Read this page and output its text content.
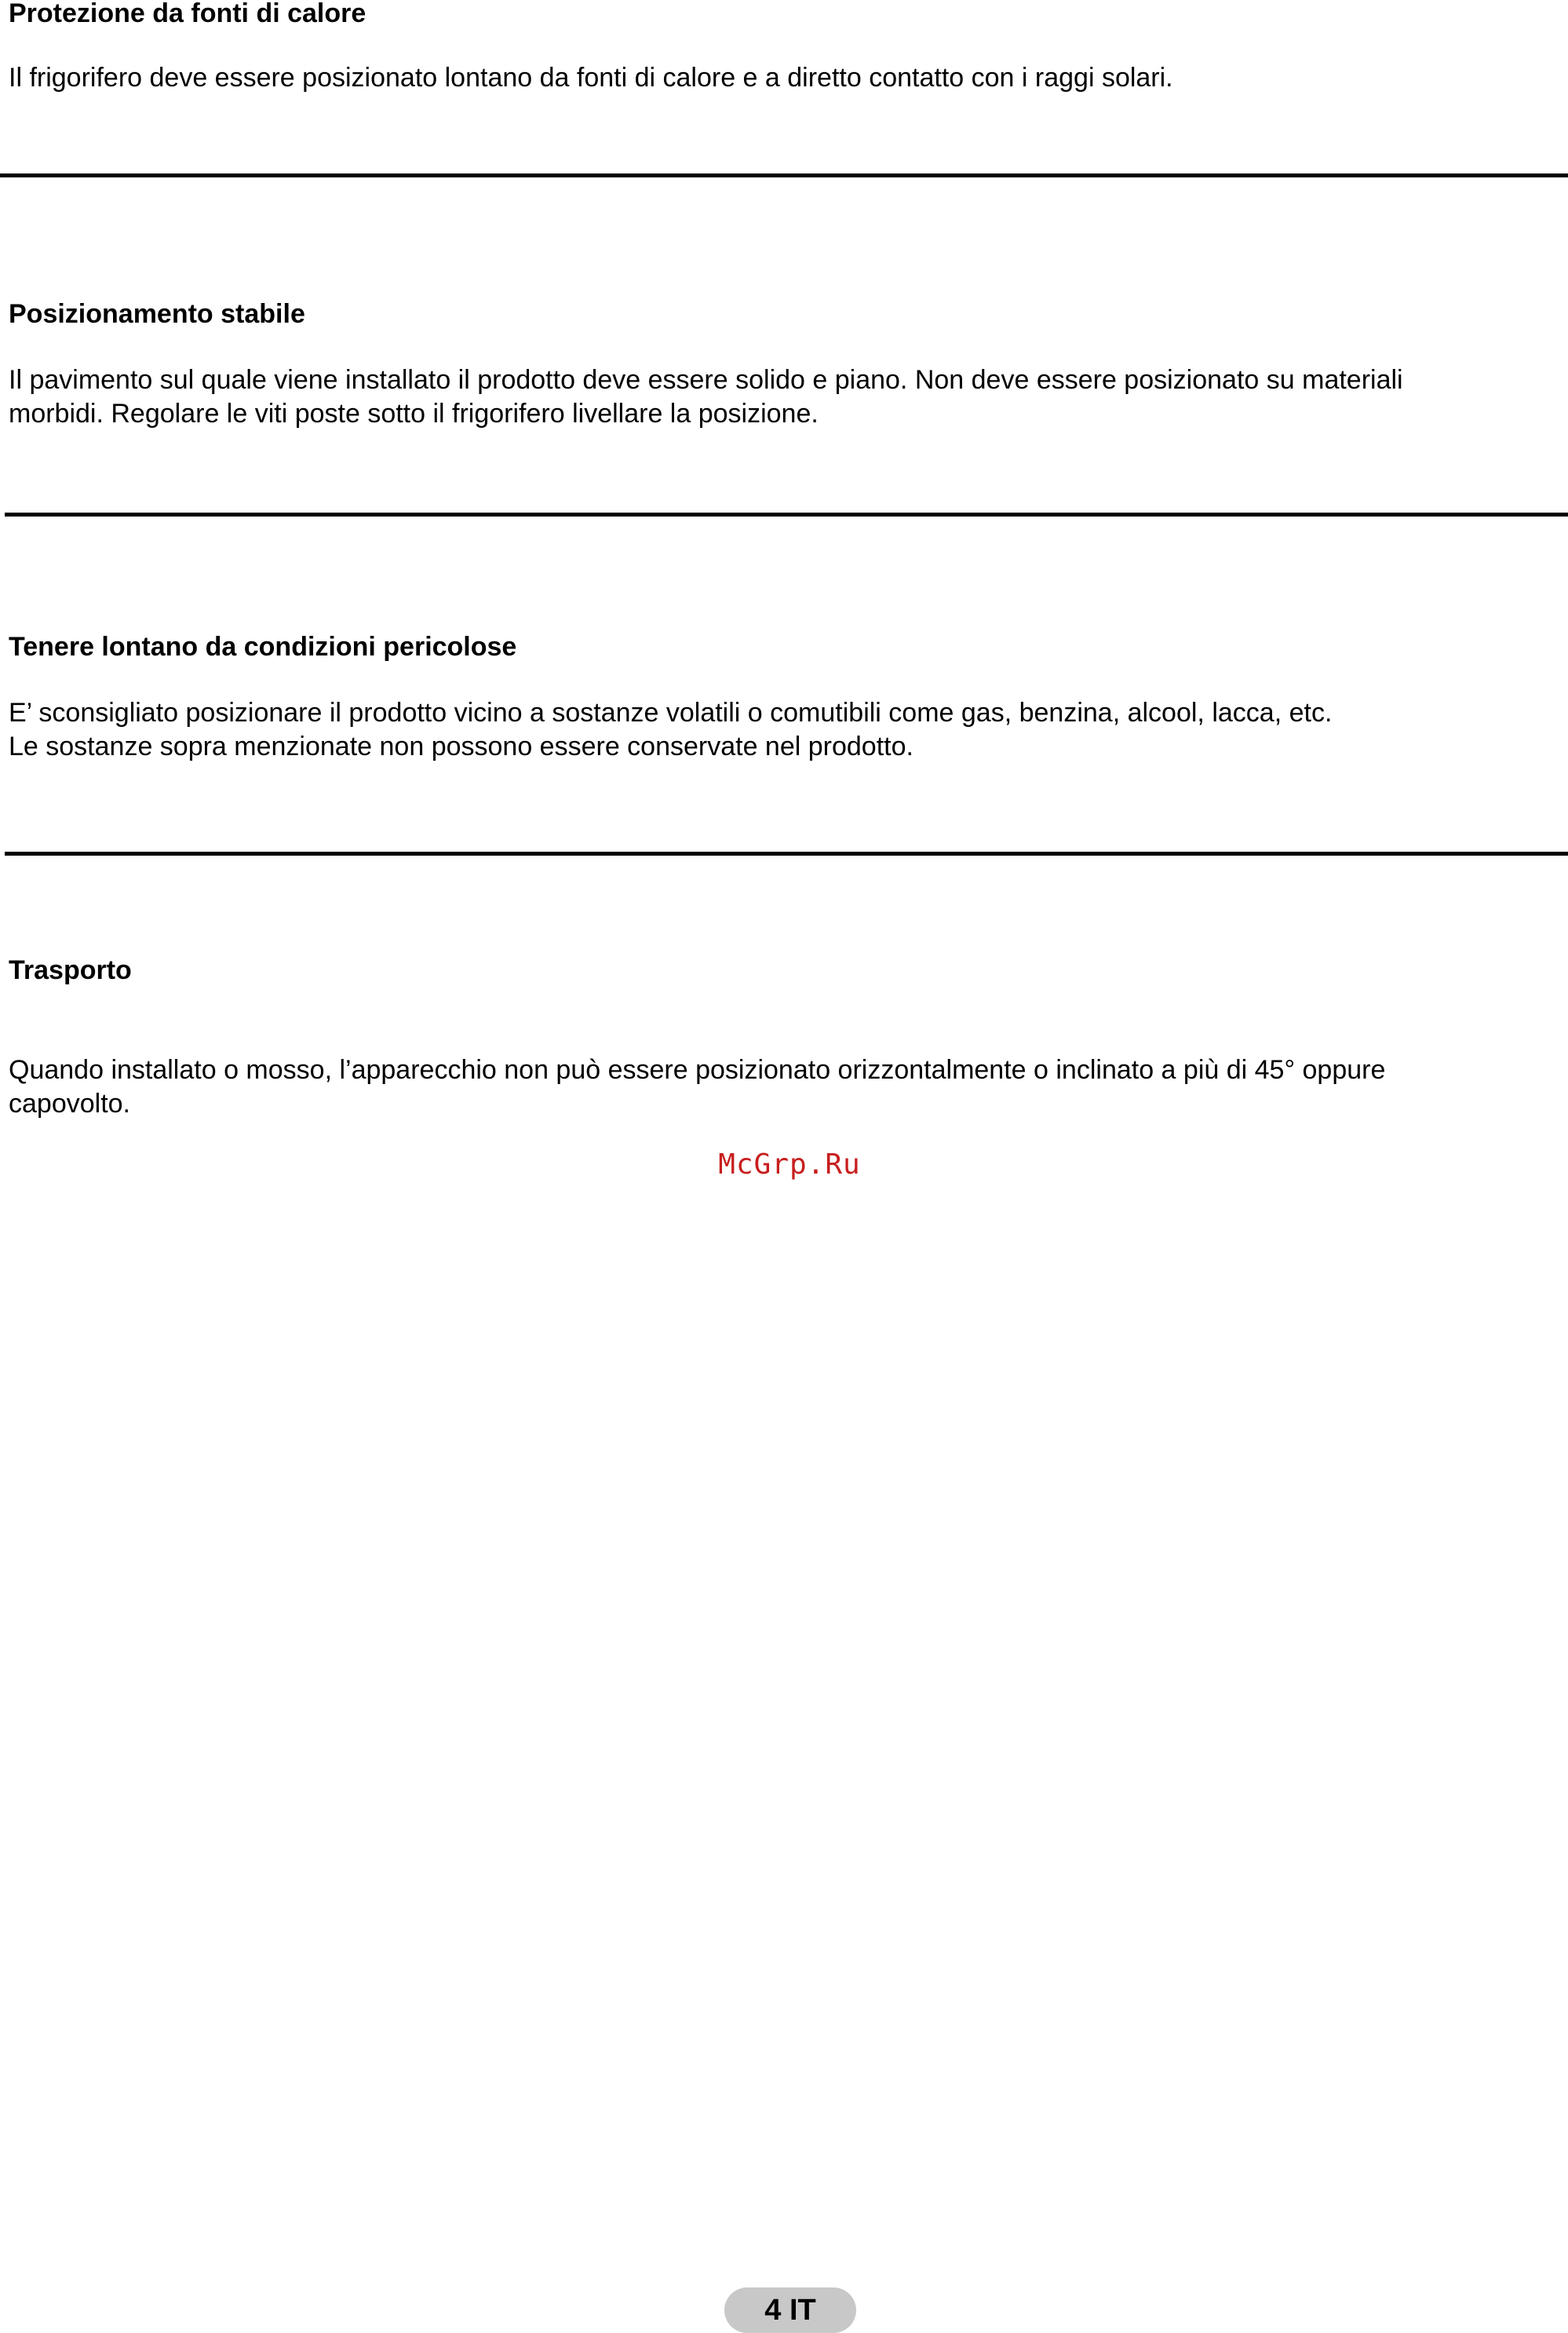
Protezione da fonti di calore

Il frigorifero deve essere posizionato lontano da fonti di calore e a diretto contatto con i raggi solari.

Posizionamento stabile

Il pavimento sul quale viene installato il prodotto deve essere solido e piano. Non deve essere posizionato su materiali
morbidi. Regolare le viti poste sotto il frigorifero livellare la posizione.

Tenere lontano da condizioni pericolose

E’ sconsigliato posizionare il prodotto vicino a sostanze volatili o comutibili come gas, benzina, alcool, lacca, etc.
Le sostanze sopra menzionate non possono essere conservate nel prodotto.

Trasporto

Quando installato o mosso, l’apparecchio non può essere posizionato orizzontalmente o inclinato a più di 45° oppure
capovolto.

McGrp.Ru
4 IT
